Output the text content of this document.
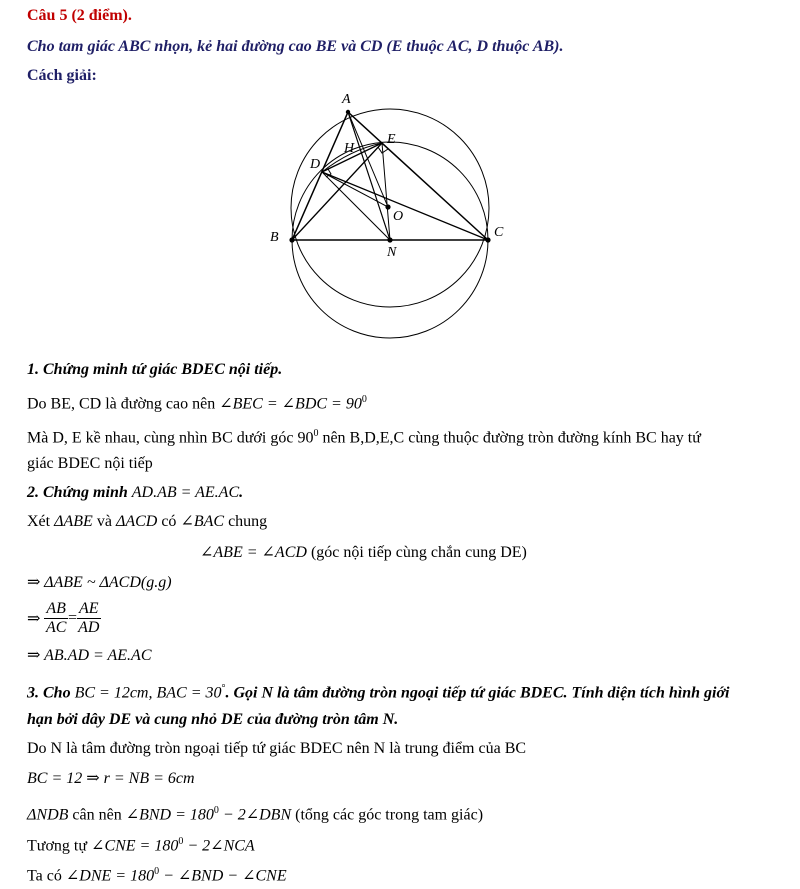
Câu 5 (2 điểm).
Cho tam giác ABC nhọn, kẻ hai đường cao BE và CD (E thuộc AC, D thuộc AB).
Cách giải:
A
B	C
D
E
H
O
N
1. Chứng minh tứ giác BDEC nội tiếp.
Do BE, CD là đường cao nên ∠BEC = ∠BDC = $90^0$
Mà D, E kề nhau, cùng nhìn BC dưới góc $90^0$ nên B,D,E,C cùng thuộc đường tròn đường kính BC hay tứ
giác BDEC nội tiếp
2. Chứng minh AD.AB = AE.AC.
Xét ΔABE và ΔACD có ∠BAC chung
∠ABE = ∠ACD (góc nội tiếp cùng chắn cung DE)
⇒ ΔABE ~ ΔACD(g.g)
⇒ $\frac{AB}{AC} = \frac{AE}{AD}$
⇒ AB.AD = AE.AC
3. Cho BC = 12cm, BAC = 30°. Gọi N là tâm đường tròn ngoại tiếp tứ giác BDEC. Tính diện tích hình giới
hạn bởi dây DE và cung nhỏ DE của đường tròn tâm N.
Do N là tâm đường tròn ngoại tiếp tứ giác BDEC nên N là trung điểm của BC
BC = 12 ⇒ r = NB = 6cm
ΔNDB cân nên ∠BND = $180^0$ − 2∠DBN (tổng các góc trong tam giác)
Tương tự ∠CNE = $180^0$ − 2∠NCA
Ta có ∠DNE = $180^0$ − ∠BND − ∠CNE
